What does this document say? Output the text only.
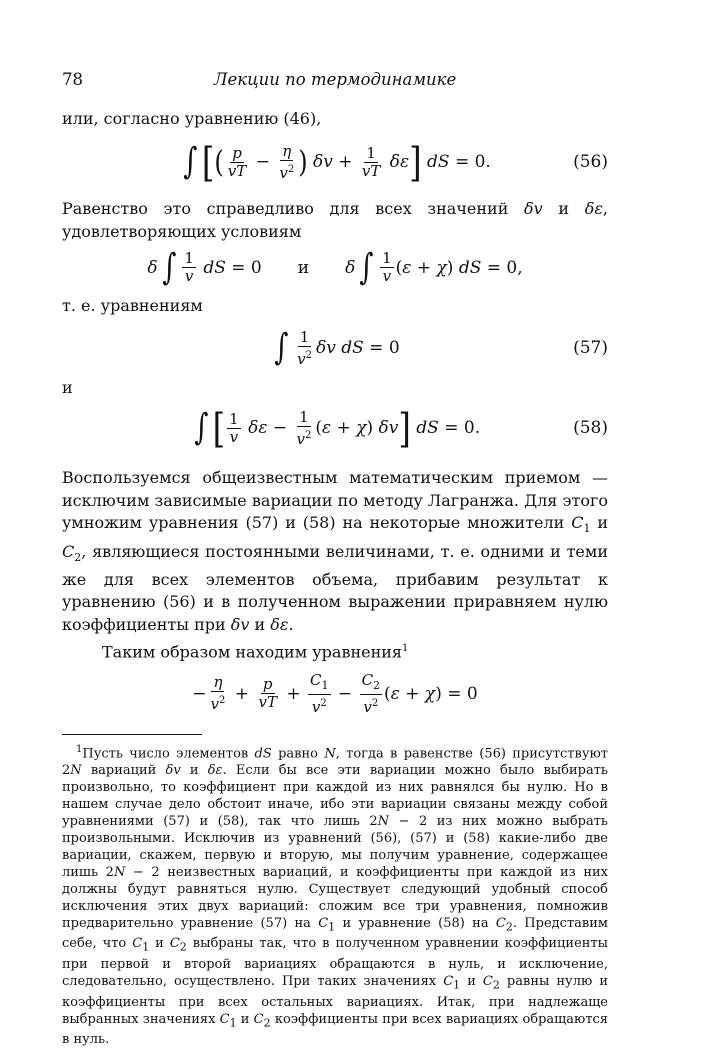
78	Лекции по термодинамике

или, согласно уравнению (46),

∫ [ ( $\frac{p}{vT} - \frac{\eta}{v^2}$ ) $\delta v + \frac{1}{vT}$ δε ] dS = 0.	(56)

Равенство это справедливо для всех значений δv и δε, удовлетворяющих условиям

δ ∫ $\frac{1}{v}$ dS = 0 и δ ∫ $\frac{1}{v} (\varepsilon + \chi)$ dS = 0,

т. е. уравнениям

∫ $\frac{1}{v^2}$ δv dS = 0	(57)

и

∫ [ $\frac{1}{v}$ $\delta\varepsilon - \frac{1}{v^2} (\varepsilon + \chi)$ δv ] dS = 0.	(58)

Воспользуемся общеизвестным математическим приемом — исключим зависимые вариации по методу Лагранжа. Для этого умножим уравнения (57) и (58) на некоторые множители $C_1$ и $C_2$, являющиеся постоянными величинами, т. е. одними и теми же для всех элементов объема, прибавим результат к уравнению (56) и в полученном выражении приравняем нулю коэффициенты при δv и δε.

Таким образом находим уравнения$^1$

− $\frac{\eta}{v^2} + \frac{p}{vT} + \frac{C_1}{v^2} - \frac{C_2}{v^2} (\varepsilon + \chi) = 0$

$^1$Пусть число элементов dS равно N, тогда в равенстве (56) присутствуют 2N вариаций δv и δε. Если бы все эти вариации можно было выбирать произвольно, то коэффициент при каждой из них равнялся бы нулю. Но в нашем случае дело обстоит иначе, ибо эти вариации связаны между собой уравнениями (57) и (58), так что лишь 2N − 2 из них можно выбрать произвольными. Исключив из уравнений (56), (57) и (58) какие-либо две вариации, скажем, первую и вторую, мы получим уравнение, содержащее лишь 2N − 2 неизвестных вариаций, и коэффициенты при каждой из них должны будут равняться нулю. Существует следующий удобный способ исключения этих двух вариаций: сложим все три уравнения, помножив предварительно уравнение (57) на $C_1$ и уравнение (58) на $C_2$. Представим себе, что $C_1$ и $C_2$ выбраны так, что в полученном уравнении коэффициенты при первой и второй вариациях обращаются в нуль, и исключение, следовательно, осуществлено. При таких значениях $C_1$ и $C_2$ равны нулю и коэффициенты при всех остальных вариациях. Итак, при надлежаще выбранных значениях $C_1$ и $C_2$ коэффициенты при всех вариациях обращаются в нуль.
